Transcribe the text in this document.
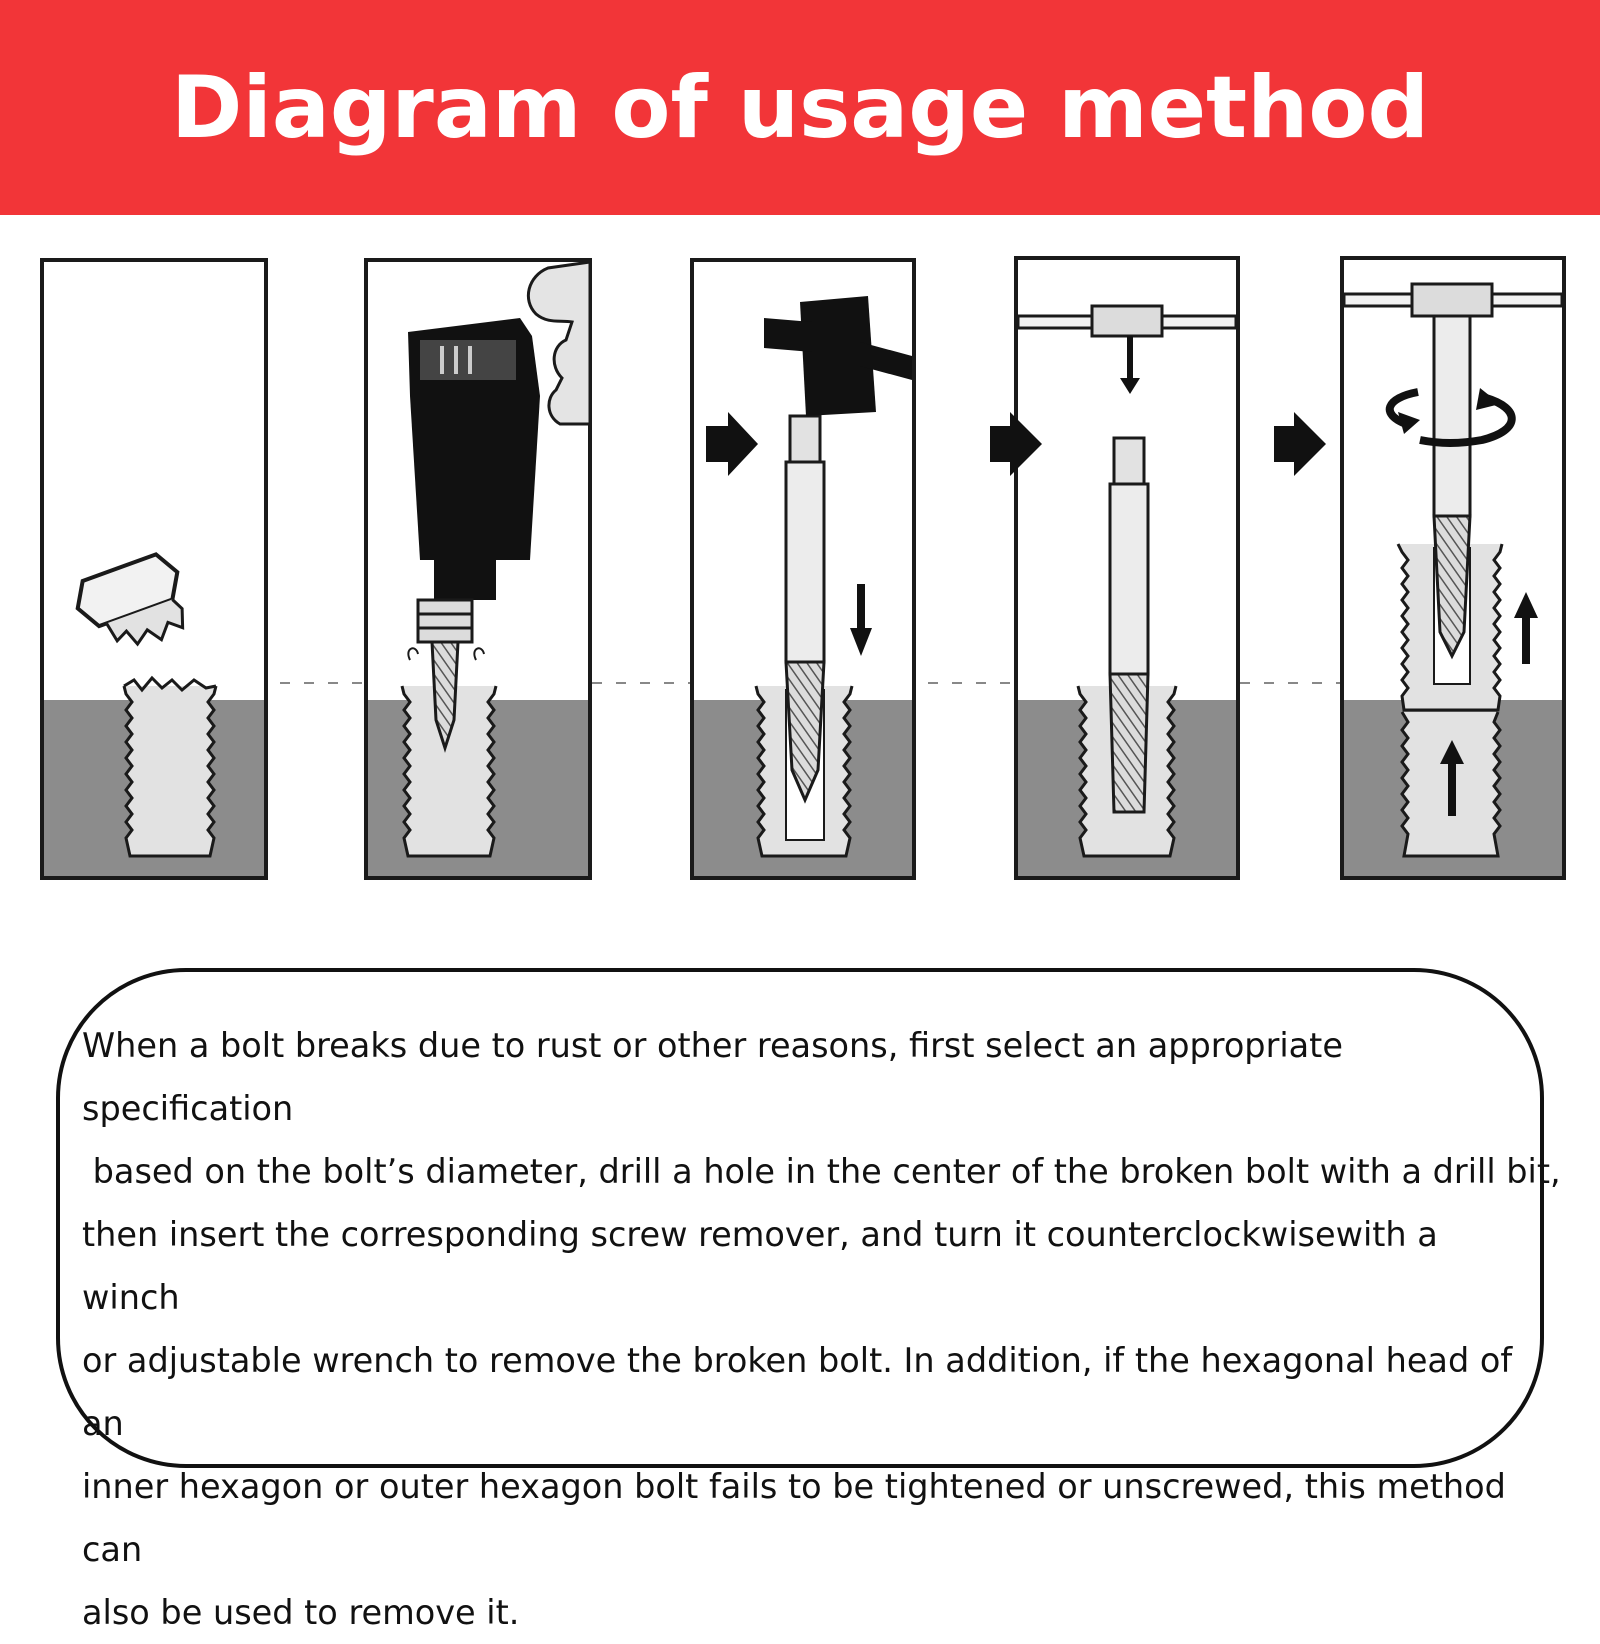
Diagram of usage method

When a bolt breaks due to rust or other reasons, first select an appropriate specification
based on the bolt’s diameter, drill a hole in the center of the broken bolt with a drill bit,
then insert the corresponding screw remover, and turn it counterclockwisewith a winch
or adjustable wrench to remove the broken bolt. In addition, if the hexagonal head of an
inner hexagon or outer hexagon bolt fails to be tightened or unscrewed, this method can
also be used to remove it.
